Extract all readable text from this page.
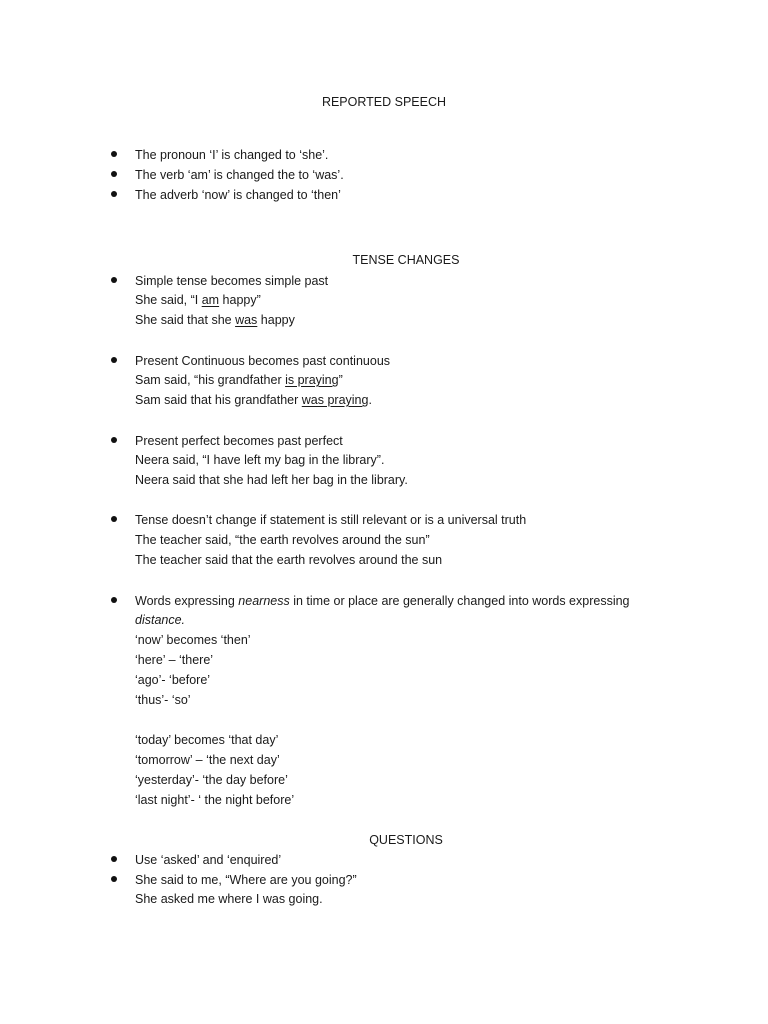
REPORTED SPEECH
The pronoun ‘I’ is changed to ‘she’.
The verb ‘am’ is changed the to ‘was’.
The adverb ‘now’ is changed to ‘then’
TENSE CHANGES
Simple tense becomes simple past
She said, “I am happy”
She said that she was happy
Present Continuous becomes past continuous
Sam said, “his grandfather is praying”
Sam said that his grandfather was praying.
Present perfect becomes past perfect
Neera said, “I have left my bag in the library”.
Neera said that she had left her bag in the library.
Tense doesn’t change if statement is still relevant or is a universal truth
The teacher said, “the earth revolves around the sun”
The teacher said that the earth revolves around the sun
Words expressing nearness in time or place are generally changed into words expressing
distance.
‘now’ becomes ‘then’
‘here’ – ‘there’
‘ago’- ‘before’
‘thus’- ‘so’
‘today’ becomes ‘that day’
‘tomorrow’ – ‘the next day’
‘yesterday’- ‘the day before’
‘last night’- ‘ the night before’
QUESTIONS
Use ‘asked’ and ‘enquired’
She said to me, “Where are you going?”
She asked me where I was going.
